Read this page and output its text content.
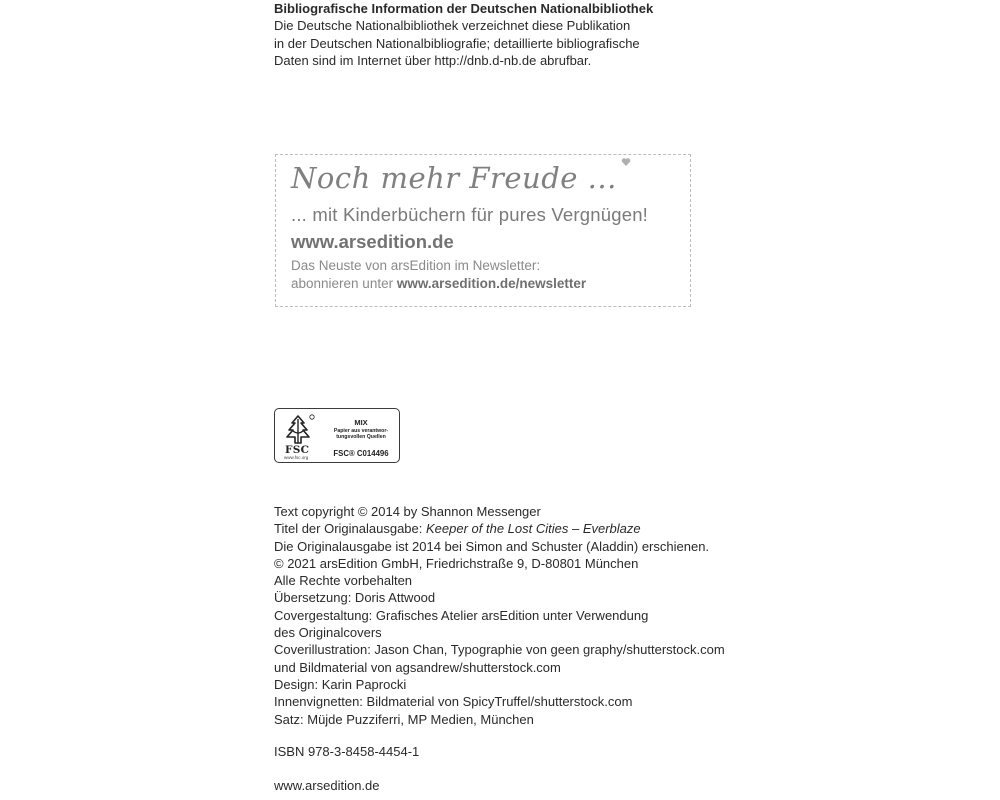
Bibliografische Information der Deutschen Nationalbibliothek
Die Deutsche Nationalbibliothek verzeichnet diese Publikation
in der Deutschen Nationalbibliografie; detaillierte bibliografische
Daten sind im Internet über http://dnb.d-nb.de abrufbar.
Noch mehr Freude ...
... mit Kinderbüchern für pures Vergnügen!
www.arsedition.de
Das Neuste von arsEdition im Newsletter:
abonnieren unter www.arsedition.de/newsletter
FSC
www.fsc.org
MIX
Papier aus verantwor-
tungsvollen Quellen
FSC® C014496
Text copyright © 2014 by Shannon Messenger
Titel der Originalausgabe: Keeper of the Lost Cities – Everblaze
Die Originalausgabe ist 2014 bei Simon and Schuster (Aladdin) erschienen.
© 2021 arsEdition GmbH, Friedrichstraße 9, D-80801 München
Alle Rechte vorbehalten
Übersetzung: Doris Attwood
Covergestaltung: Grafisches Atelier arsEdition unter Verwendung
des Originalcovers
Coverillustration: Jason Chan, Typographie von geen graphy/shutterstock.com
und Bildmaterial von agsandrew/shutterstock.com
Design: Karin Paprocki
Innenvignetten: Bildmaterial von SpicyTruffel/shutterstock.com
Satz: Müjde Puzziferri, MP Medien, München
ISBN 978-3-8458-4454-1
www.arsedition.de
